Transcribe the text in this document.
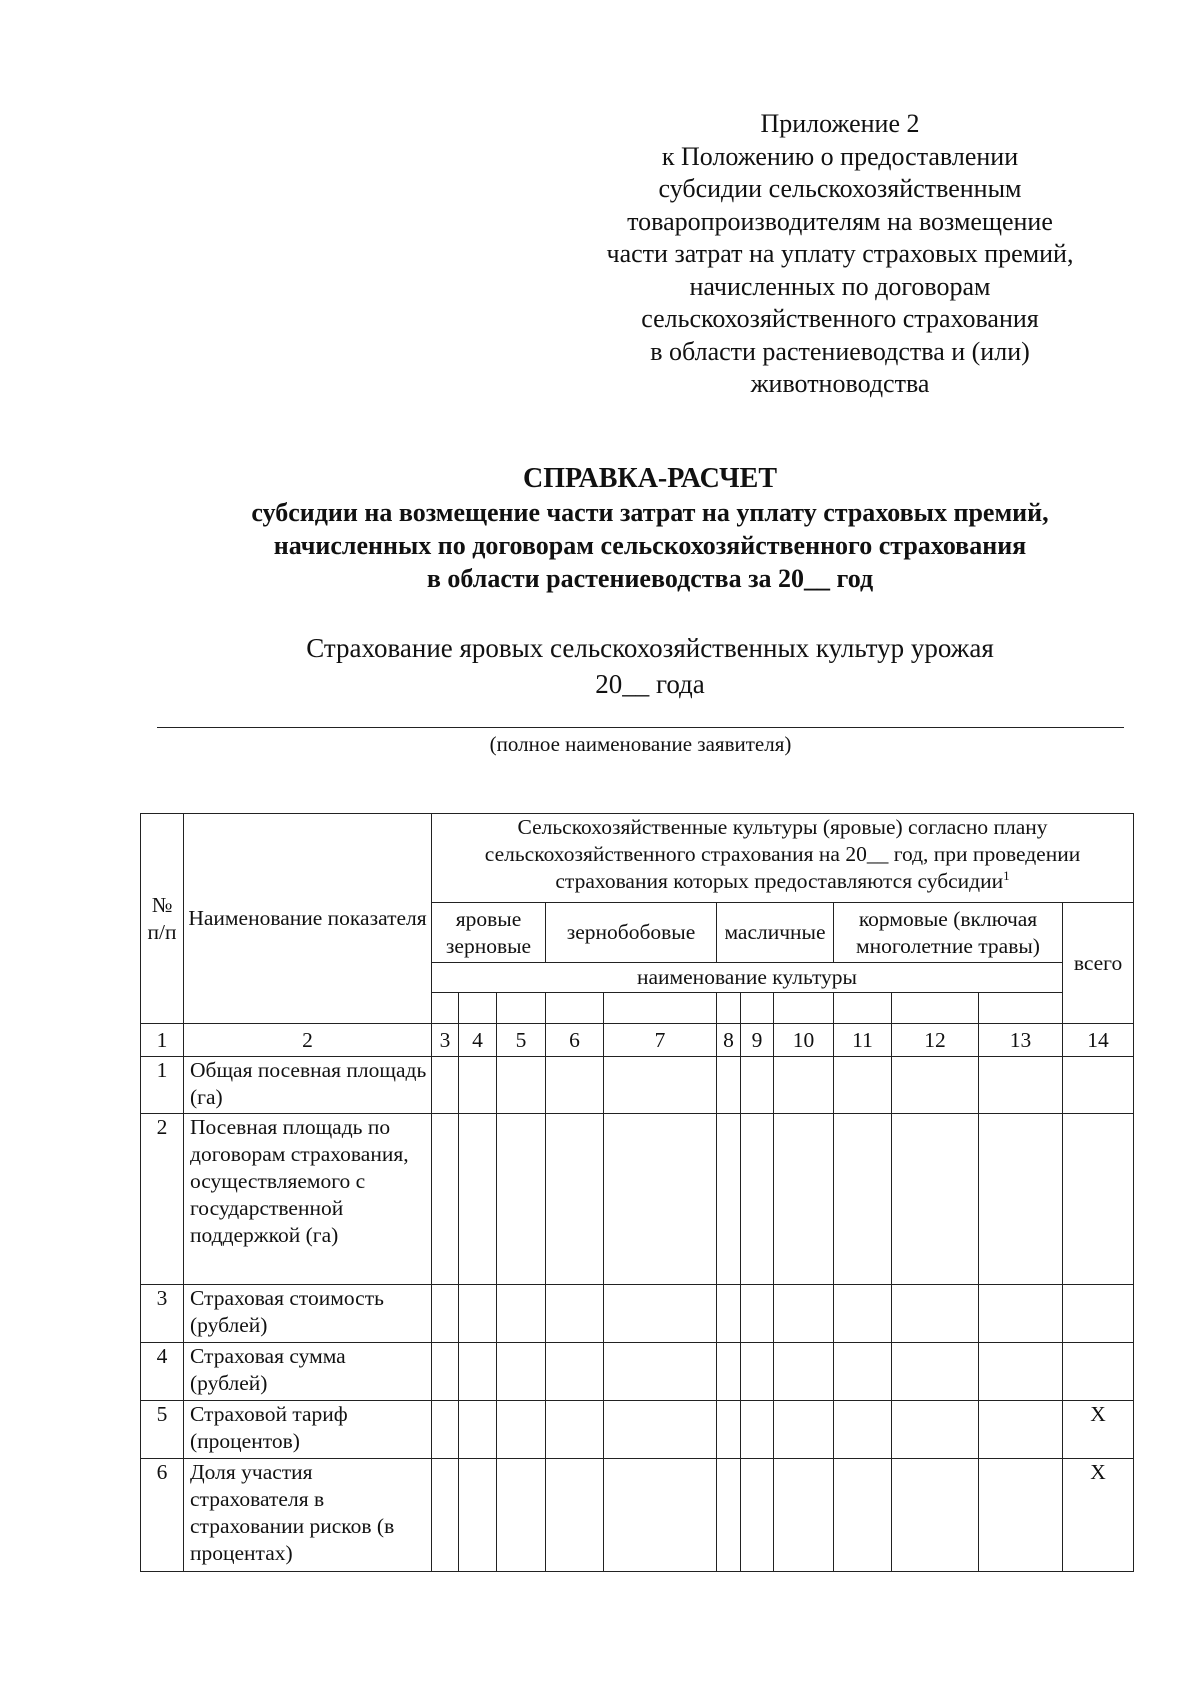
Приложение 2
к Положению о предоставлении
субсидии сельскохозяйственным
товаропроизводителям на возмещение
части затрат на уплату страховых премий,
начисленных по договорам
сельскохозяйственного страхования
в области растениеводства и (или)
животноводства
СПРАВКА-РАСЧЕТ
субсидии на возмещение части затрат на уплату страховых премий,
начисленных по договорам сельскохозяйственного страхования
в области растениеводства за 20__ год
Страхование яровых сельскохозяйственных культур урожая
20__ года
(полное наименование заявителя)
№ п/п	Наименование показателя	Сельскохозяйственные культуры (яровые) согласно плану сельскохозяйственного страхования на 20__ год, при проведении страхования которых предоставляются субсидии$^1$
		яровые зерновые			зернобобовые		масличные			кормовые (включая многолетние травы)			всего
		наименование культуры											

1	2	3	4	5	6	7	8	9	10	11	12	13	14
1	Общая посевная площадь (га)												
2	Посевная площадь по договорам страхования, осуществляемого с государственной поддержкой (га)												
3	Страховая стоимость (рублей)												
4	Страховая сумма (рублей)												
5	Страховой тариф (процентов)												Х
6	Доля участия страхователя в страховании рисков (в процентах)												Х
